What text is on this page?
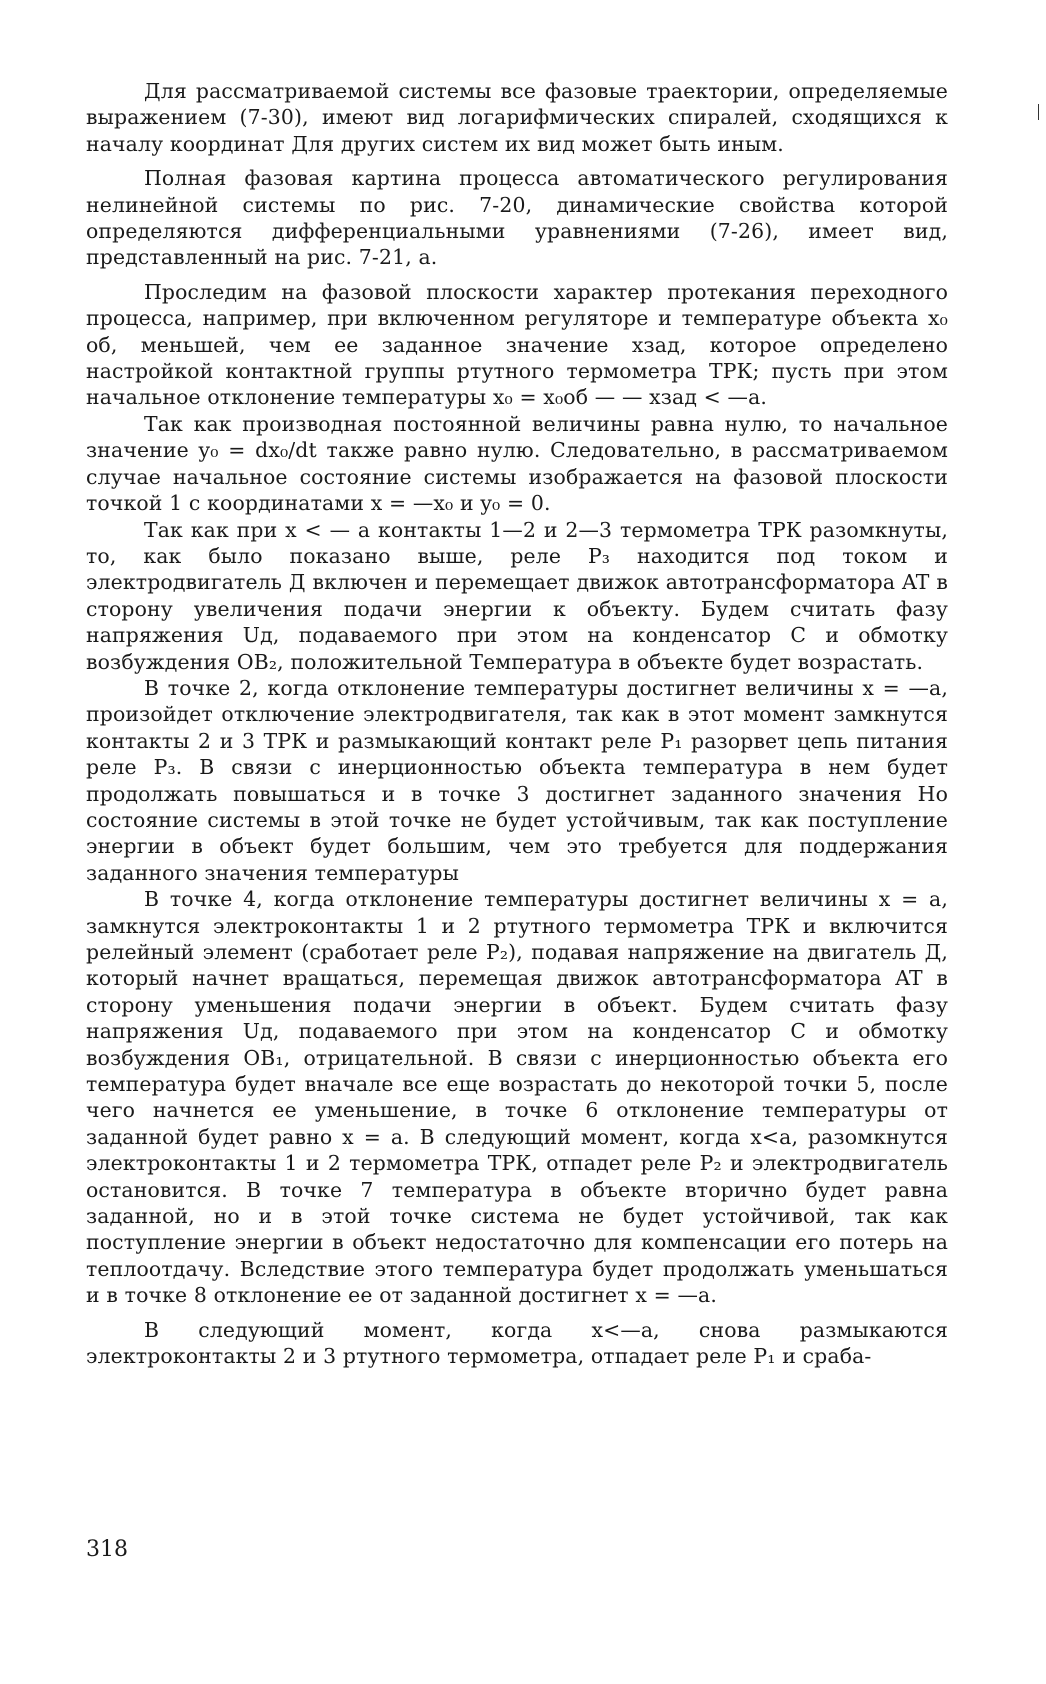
Для рассматриваемой системы все фазовые траектории, определяемые выражением (7-30), имеют вид логарифмических спиралей, сходящихся к началу координат Для других систем их вид может быть иным.

Полная фазовая картина процесса автоматического регулирования нелинейной системы по рис. 7-20, динамические свойства которой определяются дифференциальными уравнениями (7-26), имеет вид, представленный на рис. 7-21, а.

Проследим на фазовой плоскости характер протекания переходного процесса, например, при включенном регуляторе и температуре объекта x₀ об, меньшей, чем ее заданное значение xзад, которое определено настройкой контактной группы ртутного термометра ТРК; пусть при этом начальное отклонение температуры x₀ = x₀об — — xзад < —a.

Так как производная постоянной величины равна нулю, то начальное значение y₀ = dx₀/dt также равно нулю. Следовательно, в рассматриваемом случае начальное состояние системы изображается на фазовой плоскости точкой 1 с координатами x = —x₀ и y₀ = 0.

Так как при x < — a контакты 1—2 и 2—3 термометра ТРК разомкнуты, то, как было показано выше, реле P₃ находится под током и электродвигатель Д включен и перемещает движок автотрансформатора AT в сторону увеличения подачи энергии к объекту. Будем считать фазу напряжения Uд, подаваемого при этом на конденсатор C и обмотку возбуждения OB₂, положительной Температура в объекте будет возрастать.

В точке 2, когда отклонение температуры достигнет величины x = —a, произойдет отключение электродвигателя, так как в этот момент замкнутся контакты 2 и 3 ТРК и размыкающий контакт реле P₁ разорвет цепь питания реле P₃. В связи с инерционностью объекта температура в нем будет продолжать повышаться и в точке 3 достигнет заданного значения Но состояние системы в этой точке не будет устойчивым, так как поступление энергии в объект будет большим, чем это требуется для поддержания заданного значения температуры

В точке 4, когда отклонение температуры достигнет величины x = a, замкнутся электроконтакты 1 и 2 ртутного термометра ТРК и включится релейный элемент (сработает реле P₂), подавая напряжение на двигатель Д, который начнет вращаться, перемещая движок автотрансформатора AT в сторону уменьшения подачи энергии в объект. Будем считать фазу напряжения Uд, подаваемого при этом на конденсатор C и обмотку возбуждения OB₁, отрицательной. В связи с инерционностью объекта его температура будет вначале все еще возрастать до некоторой точки 5, после чего начнется ее уменьшение, в точке 6 отклонение температуры от заданной будет равно x = a. В следующий момент, когда x<a, разомкнутся электроконтакты 1 и 2 термометра ТРК, отпадет реле P₂ и электродвигатель остановится. В точке 7 температура в объекте вторично будет равна заданной, но и в этой точке система не будет устойчивой, так как поступление энергии в объект недостаточно для компенсации его потерь на теплоотдачу. Вследствие этого температура будет продолжать уменьшаться и в точке 8 отклонение ее от заданной достигнет x = —a.

В следующий момент, когда x<—a, снова размыкаются электроконтакты 2 и 3 ртутного термометра, отпадает реле P₁ и сраба-

318
